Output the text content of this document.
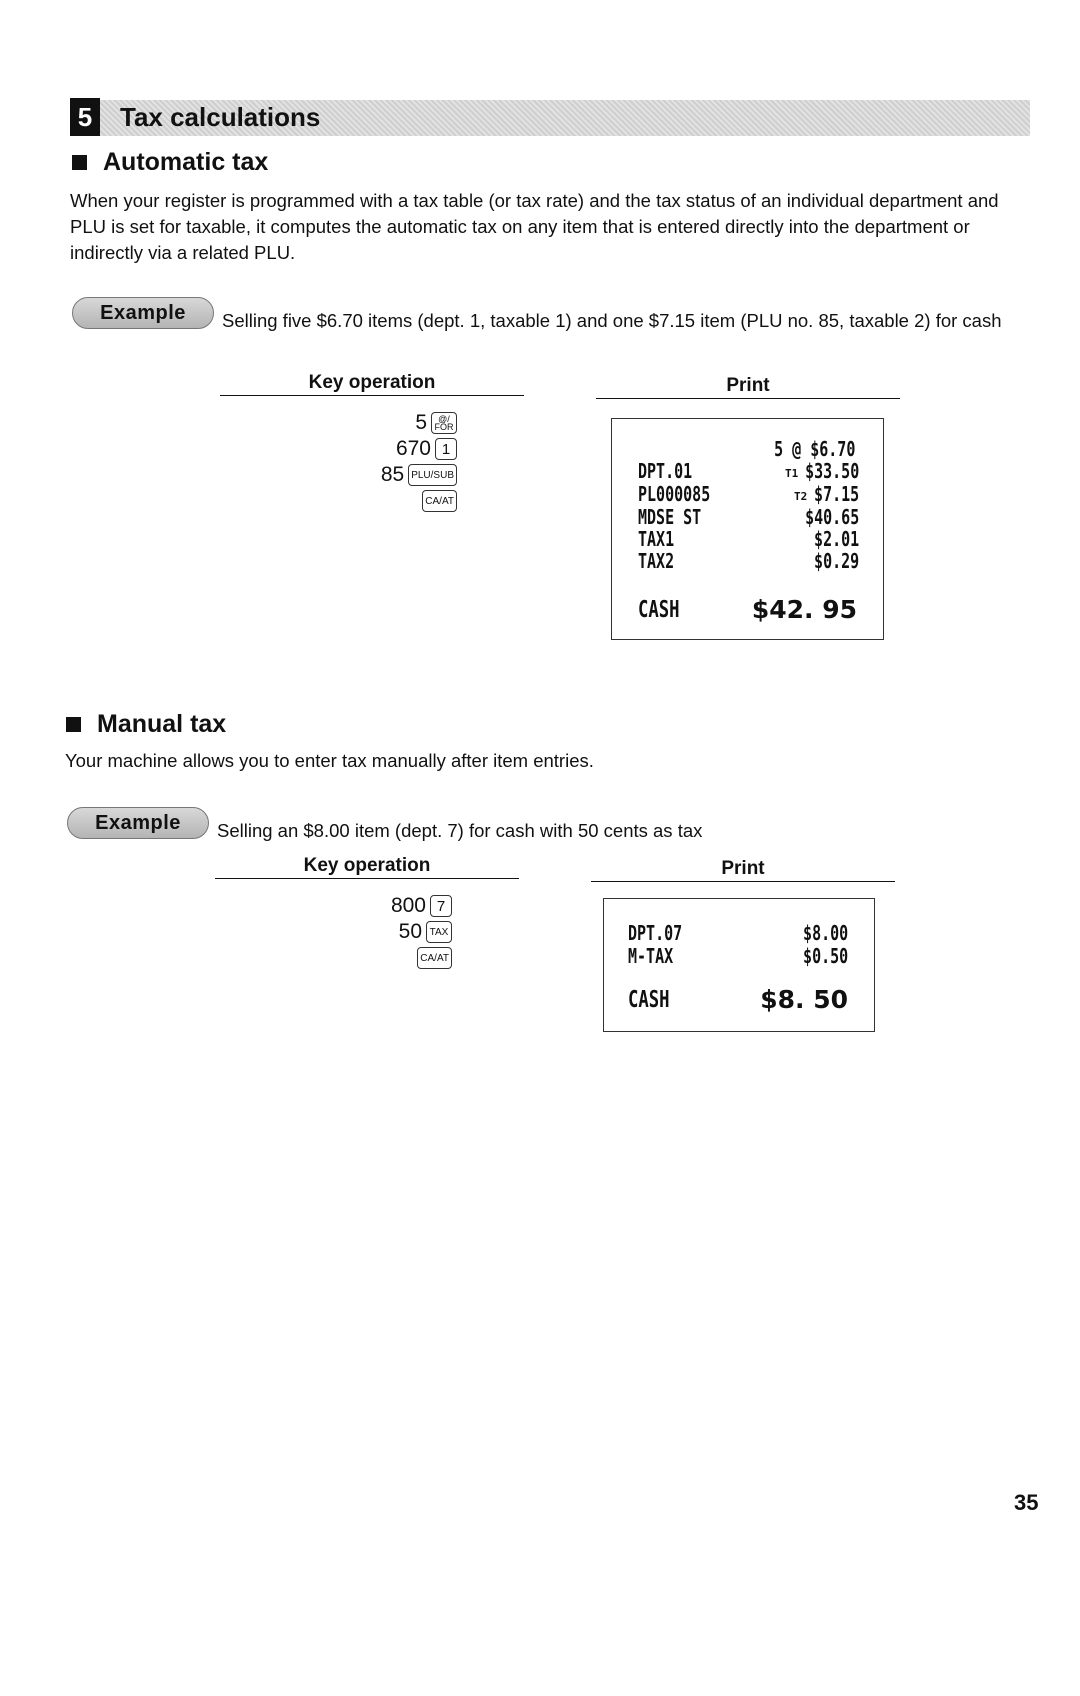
5 Tax calculations
Automatic tax
When your register is programmed with a tax table (or tax rate) and the tax status of an individual department and PLU is set for taxable, it computes the automatic tax on any item that is entered directly into the department or indirectly via a related PLU.
Example	Selling five $6.70 items (dept. 1, taxable 1) and one $7.15 item (PLU no. 85, taxable 2) for cash
Key operation	Print
5 @/
FOR
670 1
85 PLU/SUB
CA/AT
5 @ $6.70
DPT.01	T1 $33.50
PL000085	T2 $7.15
MDSE ST	$40.65
TAX1	$2.01
TAX2	$0.29
CASH	$42. 95
Manual tax
Your machine allows you to enter tax manually after item entries.
Example	Selling an $8.00 item (dept. 7) for cash with 50 cents as tax
Key operation	Print
800 7
50 TAX
CA/AT
DPT.07	$8.00
M-TAX	$0.50
CASH	$8. 50
35
